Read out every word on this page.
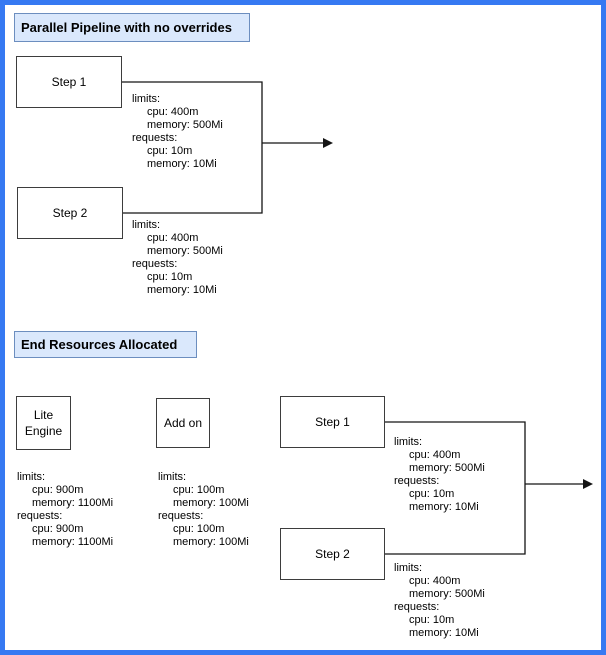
Parallel Pipeline with no overrides
Step 1
limits:
cpu: 400m
memory: 500Mi
requests:
cpu: 10m
memory: 10Mi
Step 2
limits:
cpu: 400m
memory: 500Mi
requests:
cpu: 10m
memory: 10Mi
End Resources Allocated
Lite
Engine
limits:
cpu: 900m
memory: 1100Mi
requests:
cpu: 900m
memory: 1100Mi
Add on
limits:
cpu: 100m
memory: 100Mi
requests:
cpu: 100m
memory: 100Mi
Step 1
limits:
cpu: 400m
memory: 500Mi
requests:
cpu: 10m
memory: 10Mi
Step 2
limits:
cpu: 400m
memory: 500Mi
requests:
cpu: 10m
memory: 10Mi
